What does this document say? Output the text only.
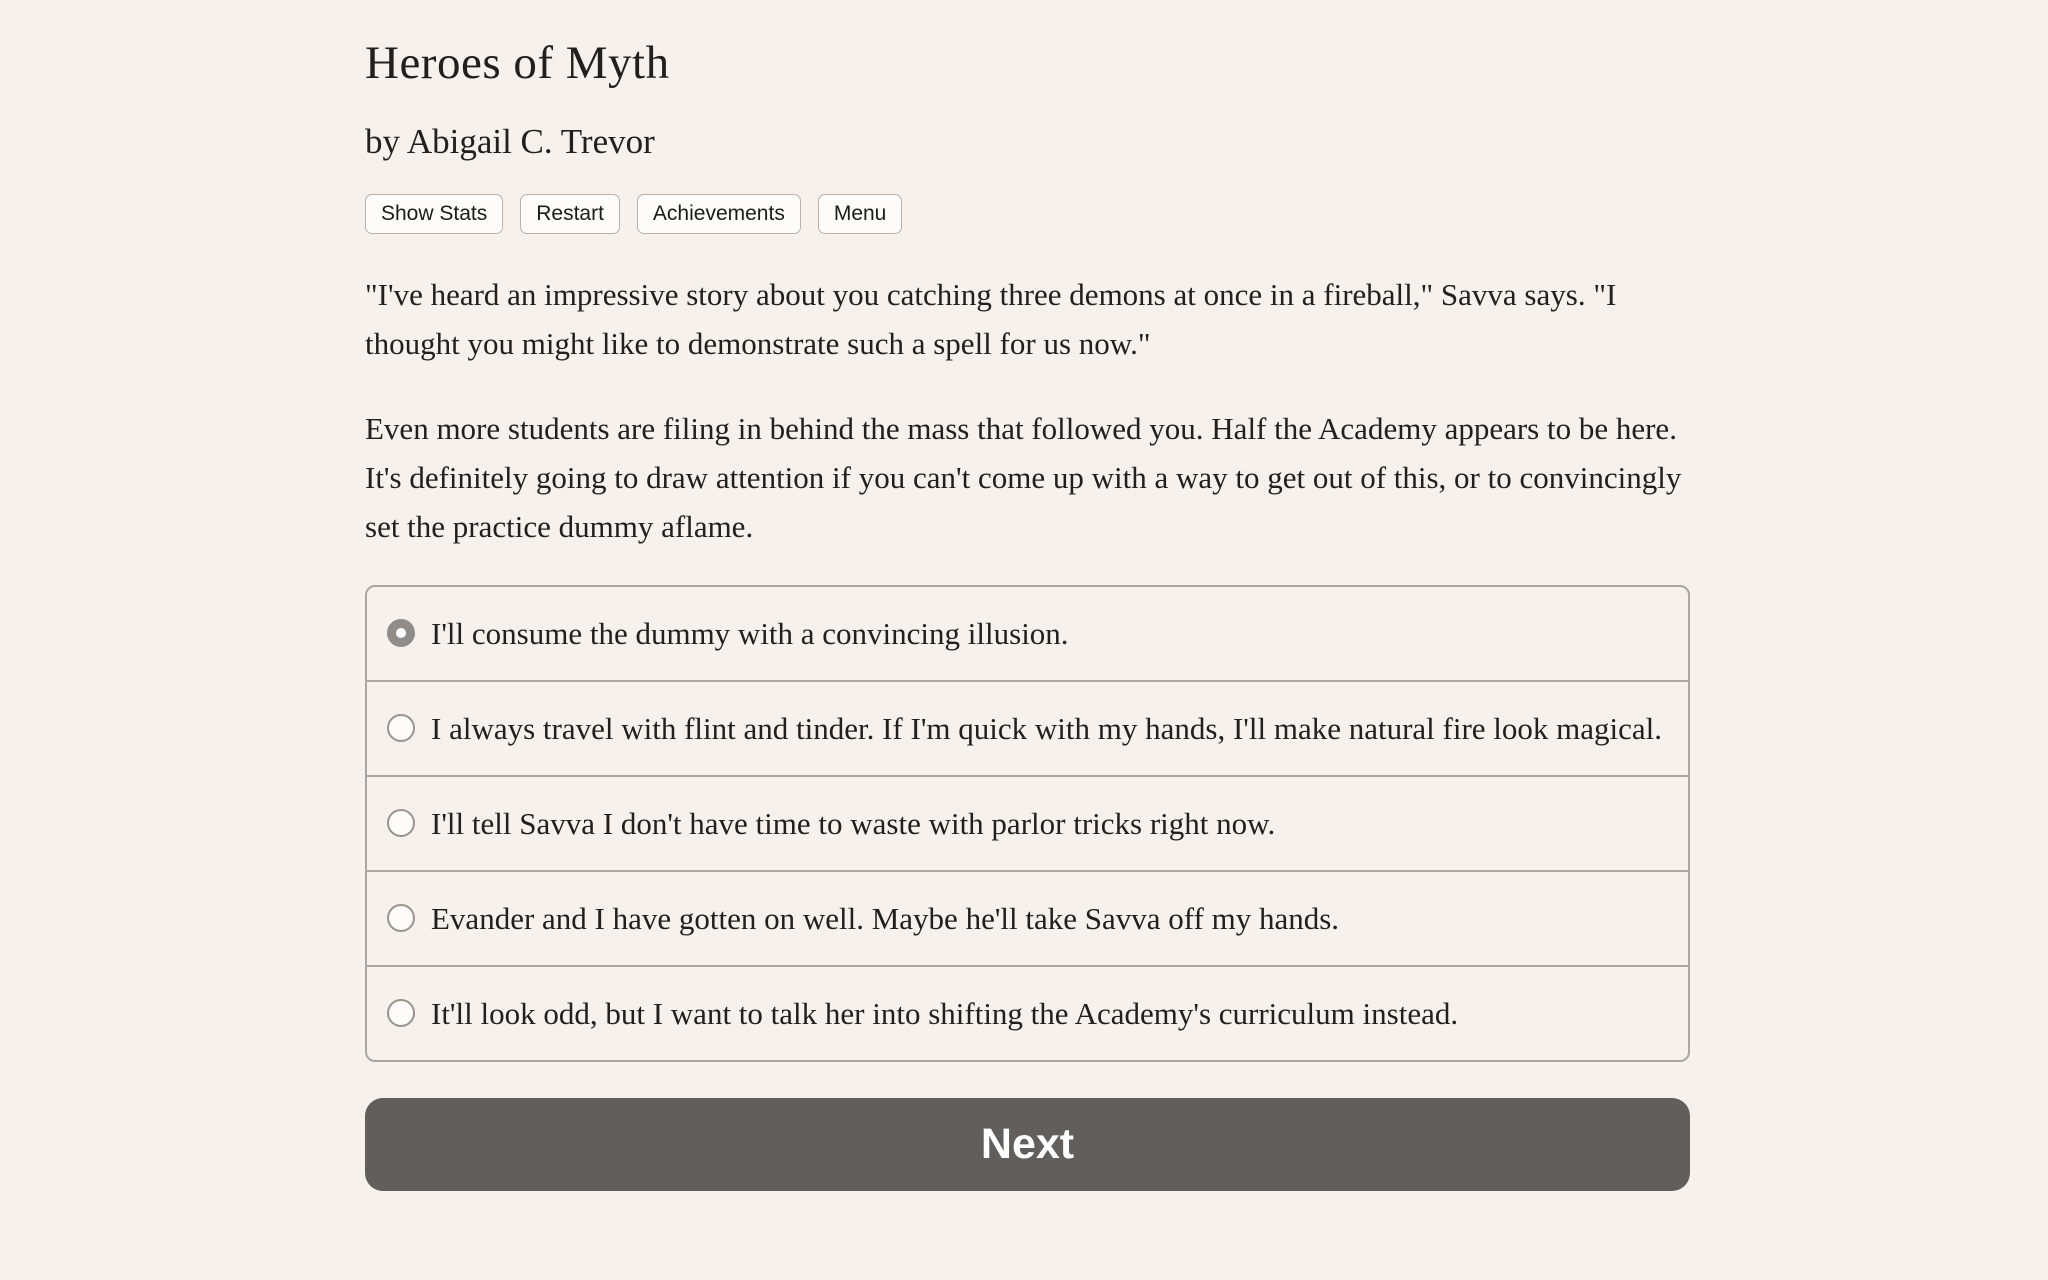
Heroes of Myth
by Abigail C. Trevor
Show Stats	Restart	Achievements	Menu

"I've heard an impressive story about you catching three demons at once in a fireball," Savva says. "I thought you might like to demonstrate such a spell for us now."

Even more students are filing in behind the mass that followed you. Half the Academy appears to be here. It's definitely going to draw attention if you can't come up with a way to get out of this, or to convincingly set the practice dummy aflame.

I'll consume the dummy with a convincing illusion.
I always travel with flint and tinder. If I'm quick with my hands, I'll make natural fire look magical.
I'll tell Savva I don't have time to waste with parlor tricks right now.
Evander and I have gotten on well. Maybe he'll take Savva off my hands.
It'll look odd, but I want to talk her into shifting the Academy's curriculum instead.
Next
